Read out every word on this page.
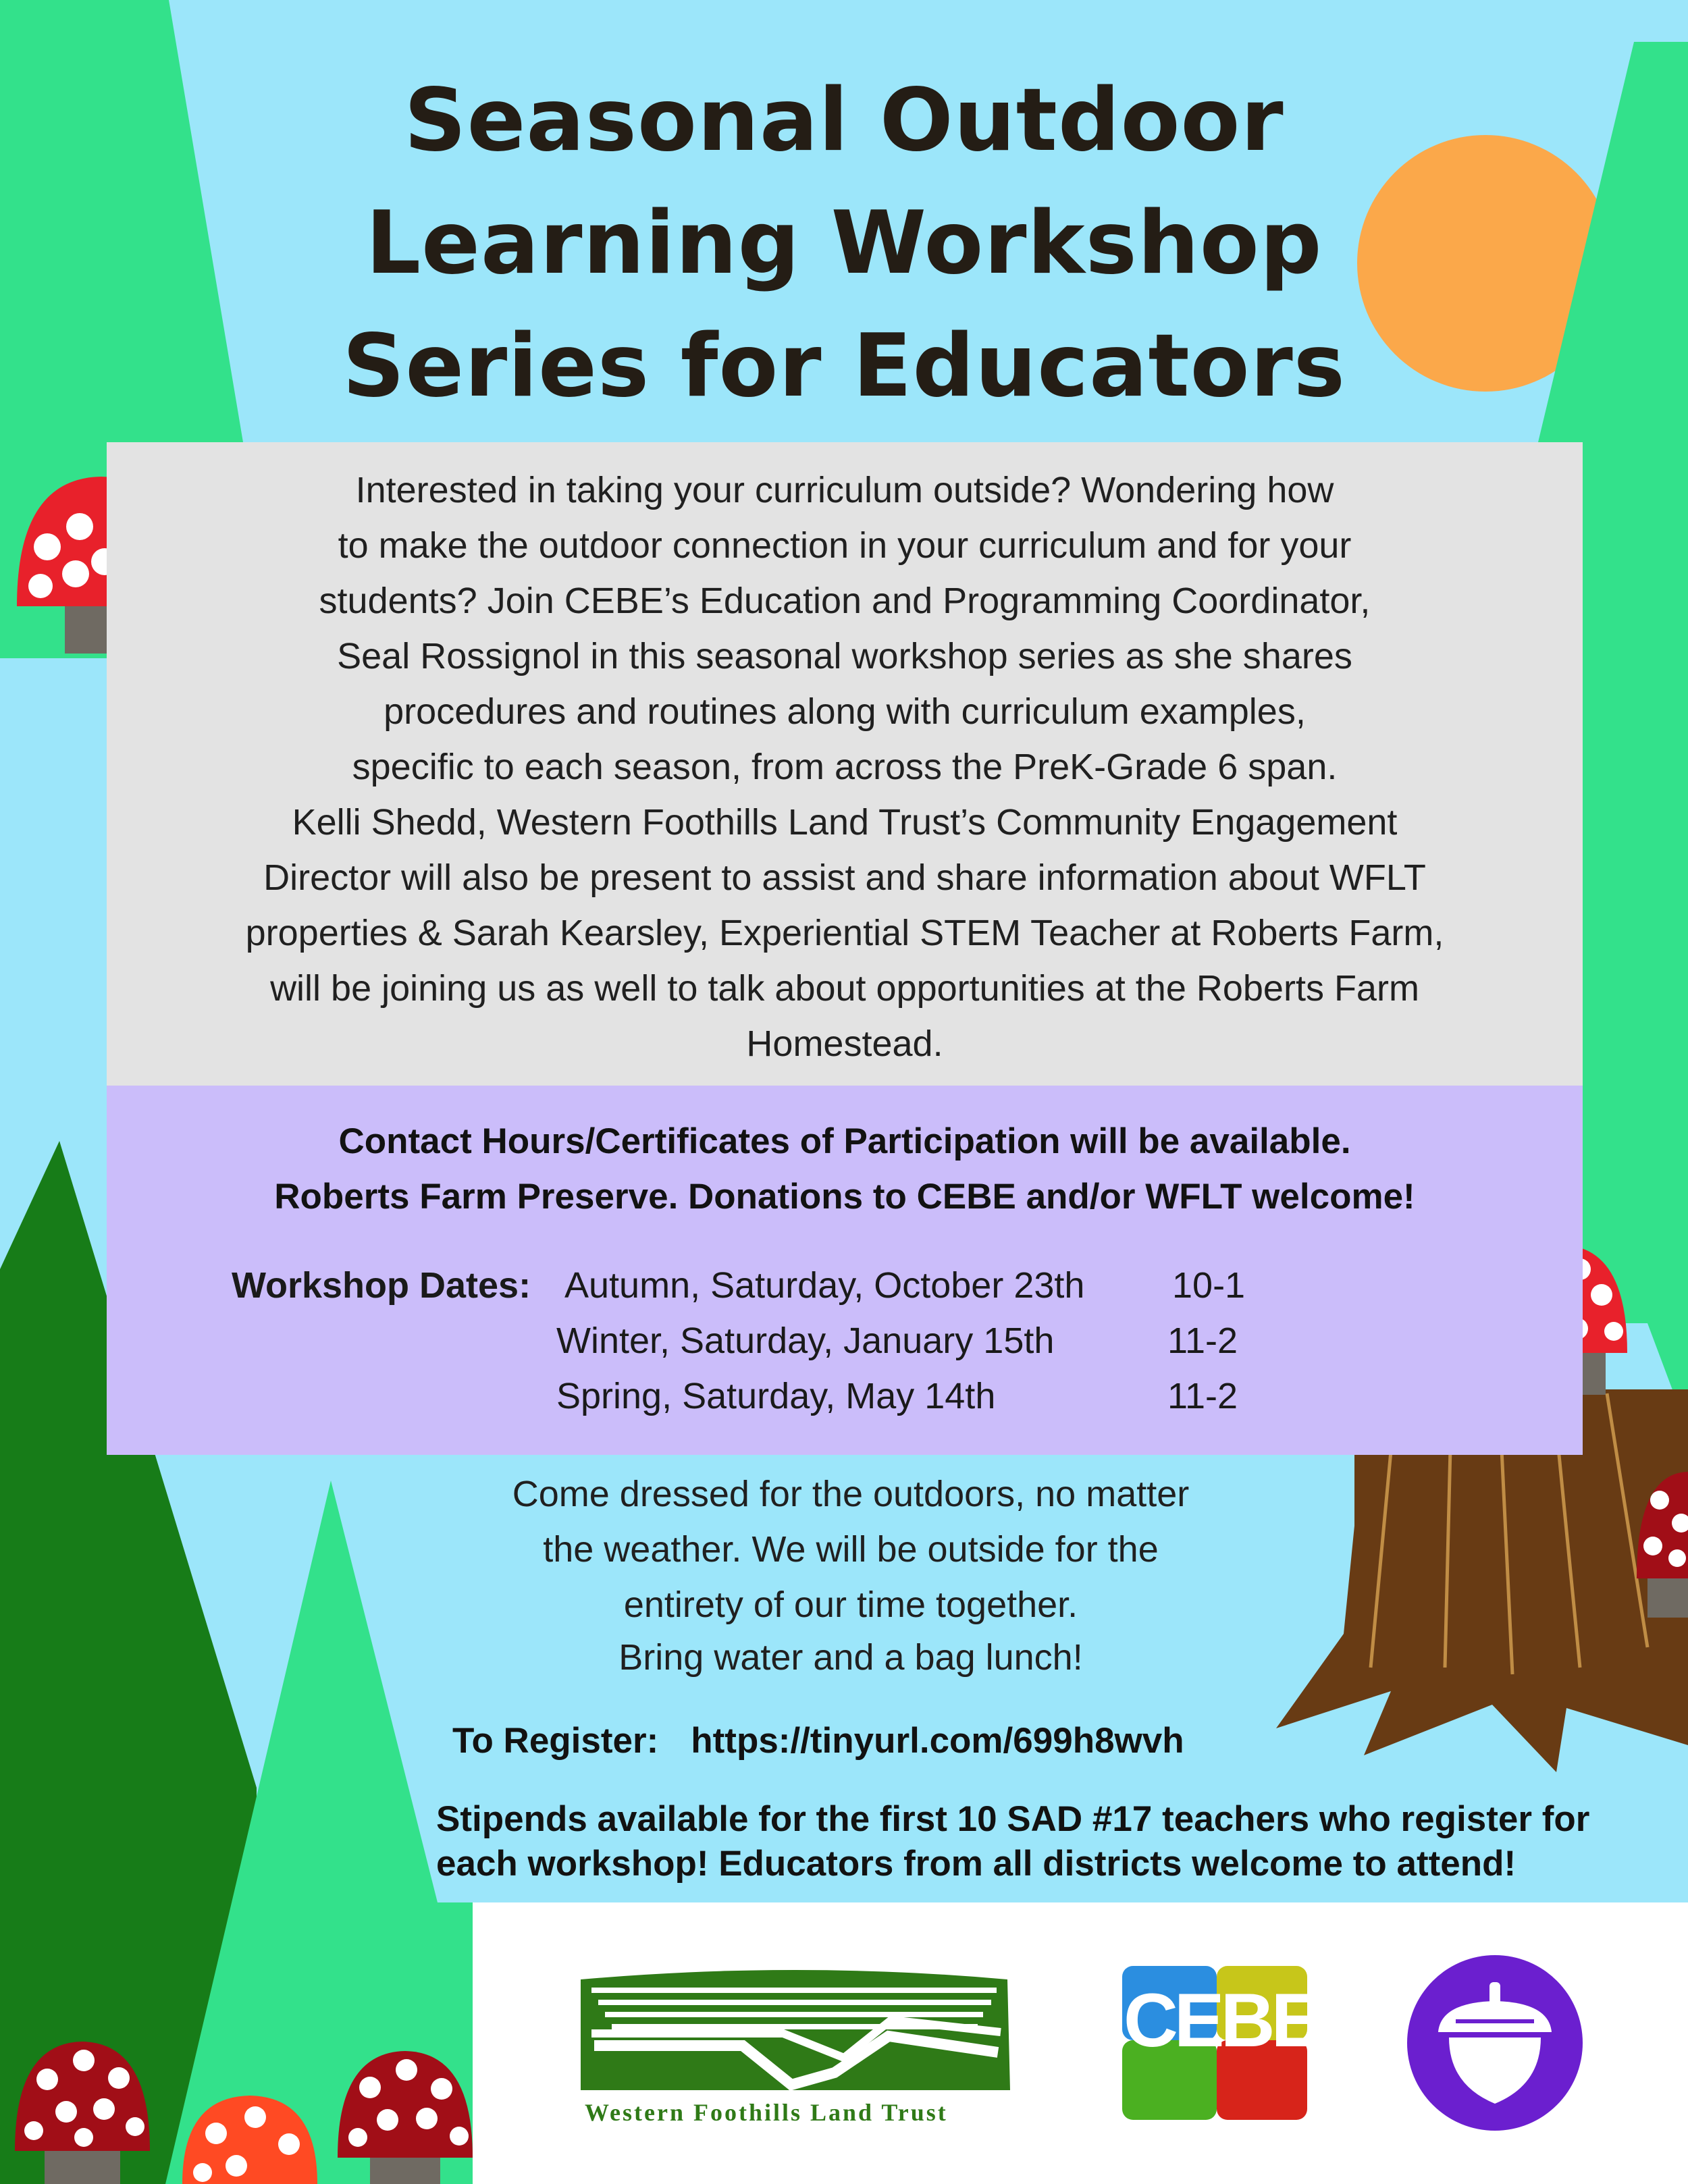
Seasonal Outdoor
Learning Workshop
Series for Educators
Interested in taking your curriculum outside? Wondering how
to make the outdoor connection in your curriculum and for your
students? Join CEBE’s Education and Programming Coordinator,
Seal Rossignol in this seasonal workshop series as she shares
procedures and routines along with curriculum examples,
specific to each season, from across the PreK-Grade 6 span.
Kelli Shedd, Western Foothills Land Trust’s Community Engagement
Director will also be present to assist and share information about WFLT
properties & Sarah Kearsley, Experiential STEM Teacher at Roberts Farm,
will be joining us as well to talk about opportunities at the Roberts Farm
Homestead.
Contact Hours/Certificates of Participation will be available.
Roberts Farm Preserve. Donations to CEBE and/or WFLT welcome!
Workshop Dates: Autumn, Saturday, October 23th 10-1
Winter, Saturday, January 15th	11-2
Spring, Saturday, May 14th	11-2
Come dressed for the outdoors, no matter
the weather. We will be outside for the
entirety of our time together.
Bring water and a bag lunch!
To Register: https://tinyurl.com/699h8wvh
Stipends available for the first 10 SAD #17 teachers who register for
each workshop! Educators from all districts welcome to attend!
Western Foothills Land Trust
CEBE
